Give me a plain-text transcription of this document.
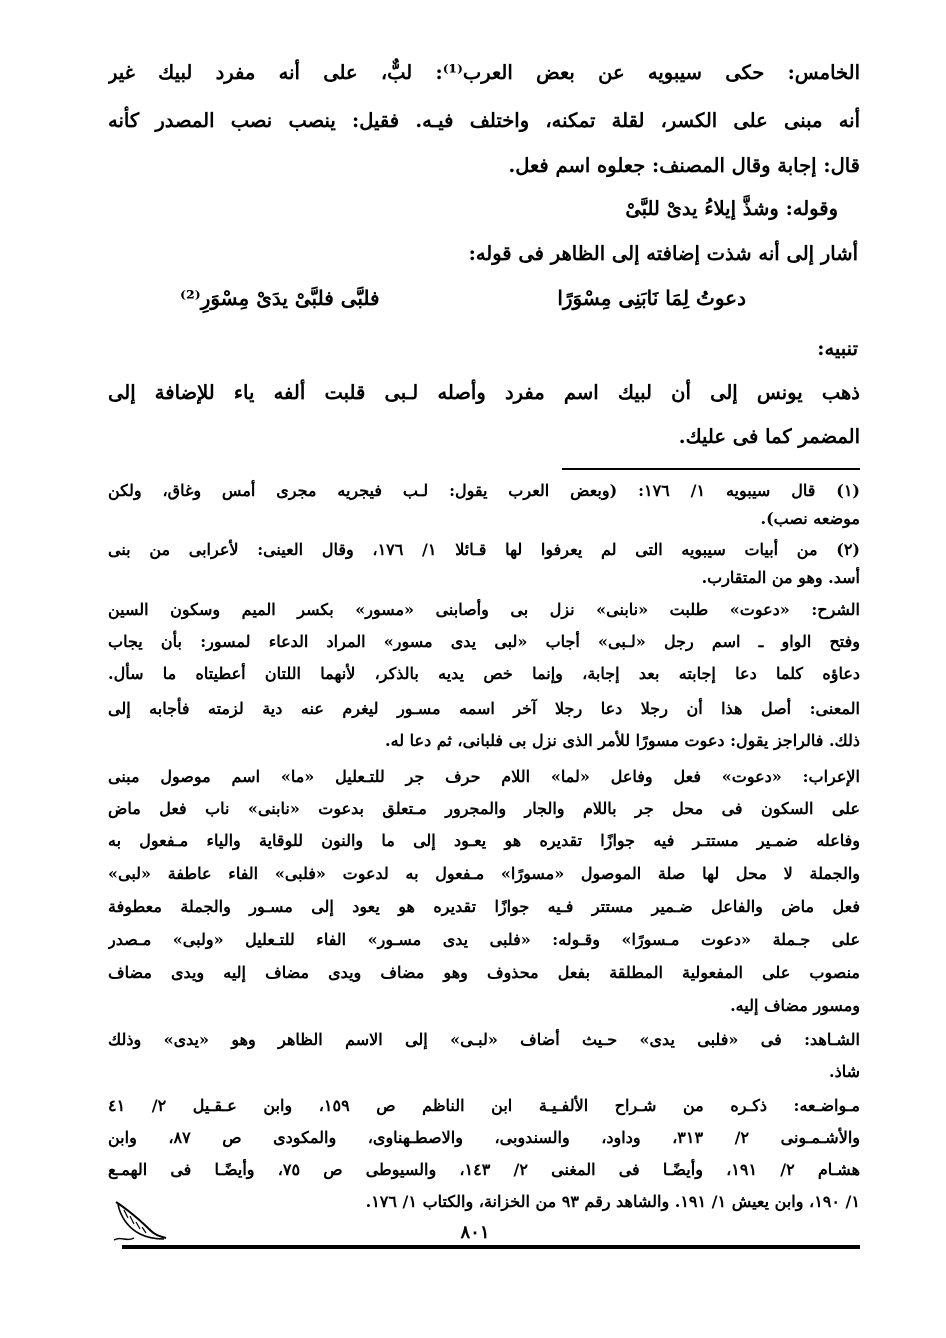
الخامس: حكى سيبويه عن بعض العرب⁽¹⁾: لبٌّ، على أنه مفرد لبيك غير
أنه مبنى على الكسر، لقلة تمكنه، واختلف فيـه. فقيل: ينصب نصب المصدر كأنه
قال: إجابة وقال المصنف: جعلوه اسم فعل.
وقوله: وشذَّ إيلاءُ يدىْ للبَّىْ
أشار إلى أنه شذت إضافته إلى الظاهر فى قوله:
دعوتُ لِمَا نَابَنِى مِسْوَرًا
فلبَّى فلبَّىْ يدَىْ مِسْوَرِ⁽²⁾
تنبيه:
ذهب يونس إلى أن لبيك اسم مفرد وأصله لـبى قلبت ألفه ياء للإضافة إلى
المضمر كما فى عليك.
(١) قال سيبويه ١/ ١٧٦: (وبعض العرب يقول: لـب فيجريه مجرى أمس وغاق، ولكن
موضعه نصب).
(٢) من أبيات سيبويه التى لم يعرفوا لها قـائلا ١/ ١٧٦، وقال العينى: لأعرابى من بنى
أسد. وهو من المتقارب.
الشرح: «دعوت» طلبت «نابنى» نزل بى وأصابنى «مسور» بكسر الميم وسكون السين
وفتح الواو ـ اسم رجل «لـبى» أجاب «لبى يدى مسور» المراد الدعاء لمسور: بأن يجاب
دعاؤه كلما دعا إجابته بعد إجابة، وإنما خص يديه بالذكر، لأنهما اللتان أعطيتاه ما سأل.
المعنى: أصل هذا أن رجلا دعا رجلا آخر اسمه مسـور ليغرم عنه دية لزمته فأجابه إلى
ذلك. فالراجز يقول: دعوت مسورًا للأمر الذى نزل بى فلبانى، ثم دعا له.
الإعراب: «دعوت» فعل وفاعل «لما» اللام حرف جر للتـعليل «ما» اسم موصول مبنى
على السكون فى محل جر باللام والجار والمجرور مـتعلق بدعوت «نابنى» ناب فعل ماض
وفاعله ضمـير مستتـر فيه جوازًا تقديره هو يعـود إلى ما والنون للوقاية والياء مـفعول به
والجملة لا محل لها صلة الموصول «مسورًا» مـفعول به لدعوت «فلبى» الفاء عاطفة «لبى»
فعل ماض والفاعل ضـمير مستتر فـيه جوازًا تقديره هو يعود إلى مسـور والجملة معطوفة
على جـملة «دعوت مـسورًا» وقـوله: «فلبى يدى مسـور» الفاء للتـعليل «ولبى» مـصدر
منصوب على المفعولية المطلقة بفعل محذوف وهو مضاف ويدى مضاف إليه ويدى مضاف
ومسور مضاف إليه.
الشـاهد: فى «فلبى يدى» حـيث أضاف «لبـى» إلى الاسم الظاهر وهو «يدى» وذلك
شاذ.
مـواضـعه: ذكـره من شـراح الألفـيـة ابن الناظم ص ١٥٩، وابن عـقـيل ٢/ ٤١
والأشـمـونى ٢/ ٣١٣، وداود، والسندوبى، والاصطـهناوى، والمكودى ص ٨٧، وابن
هشـام ٢/ ١٩١، وأيضًـا فى المغنى ٢/ ١٤٣، والسيوطى ص ٧٥، وأيضًـا فى الهمـع
١/ ١٩٠، وابن يعيش ١/ ١٩١. والشاهد رقم ٩٣ من الخزانة، والكتاب ١/ ١٧٦.
٨٠١
